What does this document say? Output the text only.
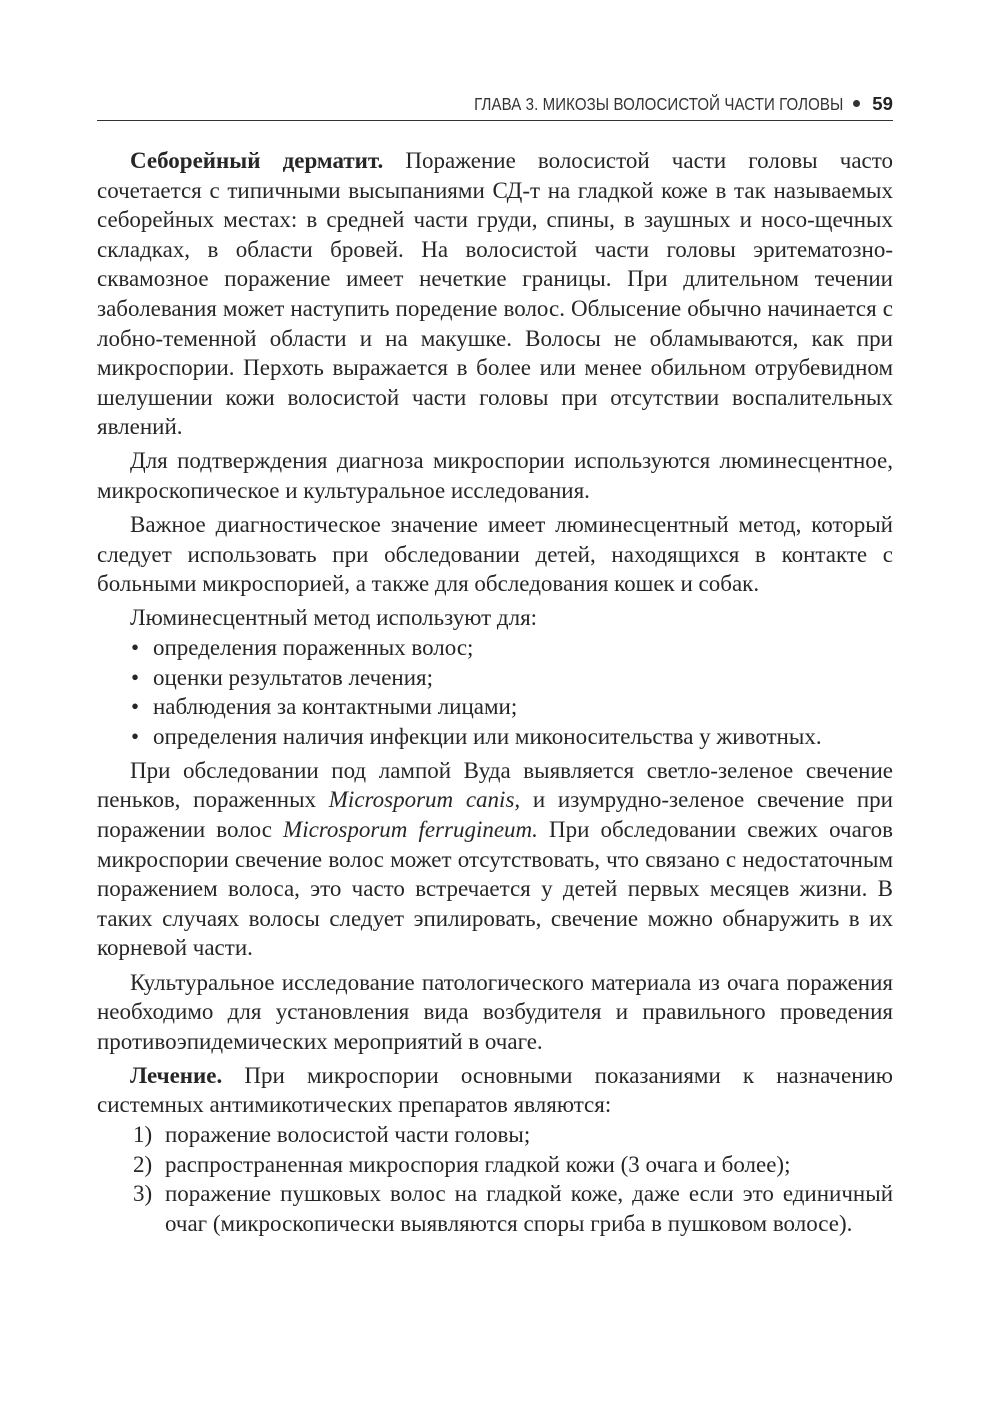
ГЛАВА 3. МИКОЗЫ ВОЛОСИСТОЙ ЧАСТИ ГОЛОВЫ 59

Себорейный дерматит. Поражение волосистой части головы часто сочетается с типичными высыпаниями СД-т на гладкой коже в так называемых себорейных местах: в средней части груди, спины, в заушных и носо-щечных складках, в области бровей. На волосистой части головы эритематозно-сквамозное поражение имеет нечеткие границы. При длительном течении заболевания может наступить поредение волос. Облысение обычно начинается с лобно-теменной области и на макушке. Волосы не обламываются, как при микроспории. Перхоть выражается в более или менее обильном отрубевидном шелушении кожи волосистой части головы при отсутствии воспалительных явлений.

Для подтверждения диагноза микроспории используются люминесцентное, микроскопическое и культуральное исследования.

Важное диагностическое значение имеет люминесцентный метод, который следует использовать при обследовании детей, находящихся в контакте с больными микроспорией, а также для обследования кошек и собак.

Люминесцентный метод используют для:

• определения пораженных волос;
• оценки результатов лечения;
• наблюдения за контактными лицами;
• определения наличия инфекции или миконосительства у животных.

При обследовании под лампой Вуда выявляется светло-зеленое свечение пеньков, пораженных Microsporum canis, и изумрудно-зеленое свечение при поражении волос Microsporum ferrugineum. При обследовании свежих очагов микроспории свечение волос может отсутствовать, что связано с недостаточным поражением волоса, это часто встречается у детей первых месяцев жизни. В таких случаях волосы следует эпилировать, свечение можно обнаружить в их корневой части.

Культуральное исследование патологического материала из очага поражения необходимо для установления вида возбудителя и правильного проведения противоэпидемических мероприятий в очаге.

Лечение. При микроспории основными показаниями к назначению системных антимикотических препаратов являются:

1) поражение волосистой части головы;
2) распространенная микроспория гладкой кожи (3 очага и более);
3) поражение пушковых волос на гладкой коже, даже если это единичный очаг (микроскопически выявляются споры гриба в пушковом волосе).
